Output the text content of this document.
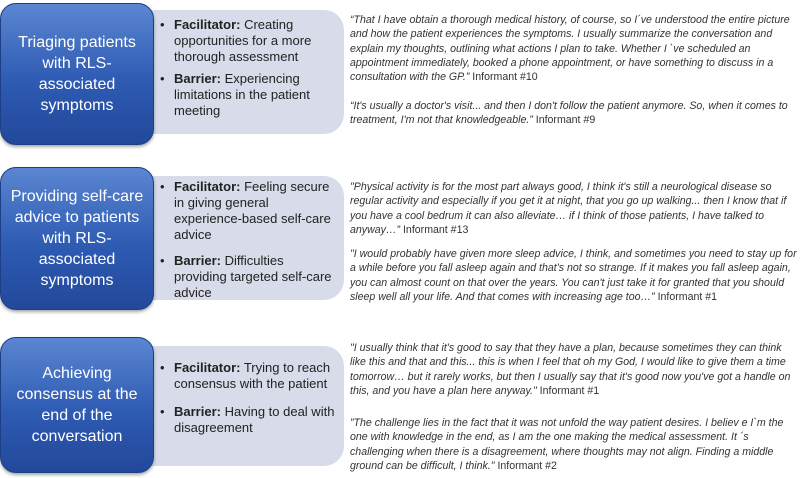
Triaging patients with RLS-associated symptoms
• Facilitator: Creating opportunities for a more thorough assessment
• Barrier: Experiencing limitations in the patient meeting
“That I have obtain a thorough medical history, of course, so I´ve understood the entire picture and how the patient experiences the symptoms. I usually summarize the conversation and explain my thoughts, outlining what actions I plan to take. Whether I `ve scheduled an appointment immediately, booked a phone appointment, or have something to discuss in a consultation with the GP.” Informant #10
“It's usually a doctor's visit... and then I don't follow the patient anymore. So, when it comes to treatment, I'm not that knowledgeable.” Informant #9
Providing self-care advice to patients with RLS-associated symptoms
• Facilitator: Feeling secure in giving general experience-based self-care advice
• Barrier: Difficulties providing targeted self-care advice
"Physical activity is for the most part always good, I think it's still a neurological disease so regular activity and especially if you get it at night, that you go up walking... then I know that if you have a cool bedrum it can also alleviate… if I think of those patients, I have talked to anyway…” Informant #13
"I would probably have given more sleep advice, I think, and sometimes you need to stay up for a while before you fall asleep again and that's not so strange. If it makes you fall asleep again, you can almost count on that over the years. You can't just take it for granted that you should sleep well all your life. And that comes with increasing age too…” Informant #1
Achieving consensus at the end of the conversation
• Facilitator: Trying to reach consensus with the patient
• Barrier: Having to deal with disagreement
"I usually think that it's good to say that they have a plan, because sometimes they can think like this and that and this... this is when I feel that oh my God, I would like to give them a time tomorrow… but it rarely works, but then I usually say that it's good now you've got a handle on this, and you have a plan here anyway." Informant #1
”The challenge lies in the fact that it was not unfold the way patient desires. I believ e I`m the one with knowledge in the end, as I am the one making the medical assessment. It ´s challenging when there is a disagreement, where thoughts may not align. Finding a middle ground can be difficult, I think." Informant #2
